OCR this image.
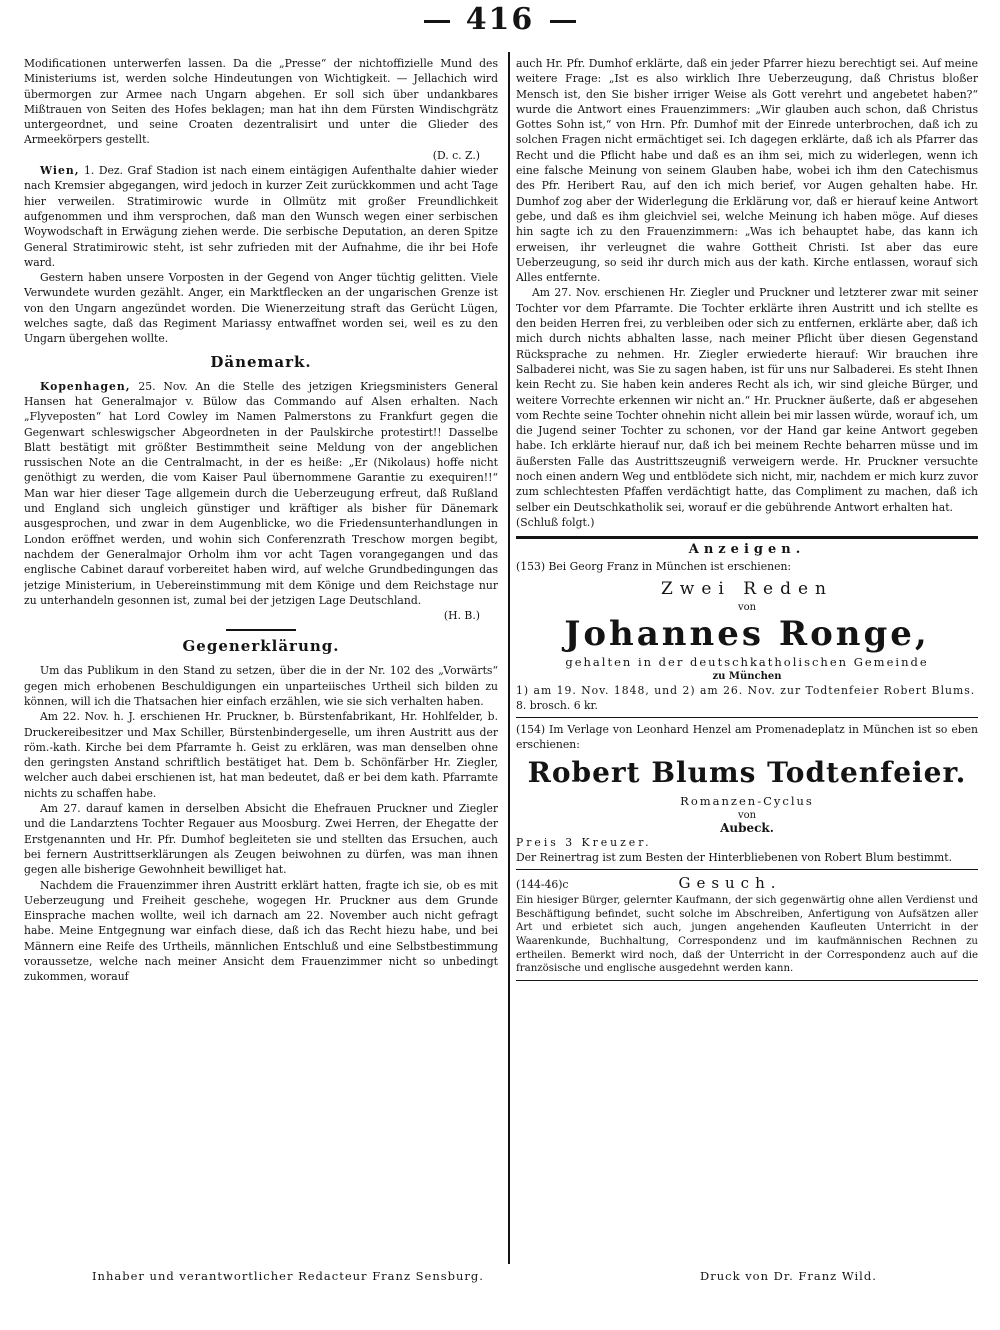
416

Modificationen unterwerfen lassen. Da die „Presse“ der nichtoffizielle Mund des Ministeriums ist, werden solche Hindeutungen von Wichtigkeit. — Jellachich wird übermorgen zur Armee nach Ungarn abgehen. Er soll sich über undankbares Mißtrauen von Seiten des Hofes beklagen; man hat ihn dem Fürsten Windischgrätz untergeordnet, und seine Croaten dezentralisirt und unter die Glieder des Armeekörpers gestellt.

(D. c. Z.)

Wien, 1. Dez. Graf Stadion ist nach einem eintägigen Aufenthalte dahier wieder nach Kremsier abgegangen, wird jedoch in kurzer Zeit zurückkommen und acht Tage hier verweilen. Stratimirowic wurde in Ollmütz mit großer Freundlichkeit aufgenommen und ihm versprochen, daß man den Wunsch wegen einer serbischen Woywodschaft in Erwägung ziehen werde. Die serbische Deputation, an deren Spitze General Stratimirowic steht, ist sehr zufrieden mit der Aufnahme, die ihr bei Hofe ward.

Gestern haben unsere Vorposten in der Gegend von Anger tüchtig gelitten. Viele Verwundete wurden gezählt. Anger, ein Marktflecken an der ungarischen Grenze ist von den Ungarn angezündet worden. Die Wienerzeitung straft das Gerücht Lügen, welches sagte, daß das Regiment Mariassy entwaffnet worden sei, weil es zu den Ungarn übergehen wollte.

Dänemark.

Kopenhagen, 25. Nov. An die Stelle des jetzigen Kriegsministers General Hansen hat Generalmajor v. Bülow das Commando auf Alsen erhalten. Nach „Flyveposten“ hat Lord Cowley im Namen Palmerstons zu Frankfurt gegen die Gegenwart schleswigscher Abgeordneten in der Paulskirche protestirt!! Dasselbe Blatt bestätigt mit größter Bestimmtheit seine Meldung von der angeblichen russischen Note an die Centralmacht, in der es heiße: „Er (Nikolaus) hoffe nicht genöthigt zu werden, die vom Kaiser Paul übernommene Garantie zu exequiren!!“ Man war hier dieser Tage allgemein durch die Ueberzeugung erfreut, daß Rußland und England sich ungleich günstiger und kräftiger als bisher für Dänemark ausgesprochen, und zwar in dem Augenblicke, wo die Friedensunterhandlungen in London eröffnet werden, und wohin sich Conferenzrath Treschow morgen begibt, nachdem der Generalmajor Orholm ihm vor acht Tagen vorangegangen und das englische Cabinet darauf vorbereitet haben wird, auf welche Grundbedingungen das jetzige Ministerium, in Uebereinstimmung mit dem Könige und dem Reichstage nur zu unterhandeln gesonnen ist, zumal bei der jetzigen Lage Deutschland.

(H. B.)

Gegenerklärung.

Um das Publikum in den Stand zu setzen, über die in der Nr. 102 des „Vorwärts“ gegen mich erhobenen Beschuldigungen ein unparteiisches Urtheil sich bilden zu können, will ich die Thatsachen hier einfach erzählen, wie sie sich verhalten haben.

Am 22. Nov. h. J. erschienen Hr. Pruckner, b. Bürstenfabrikant, Hr. Hohlfelder, b. Druckereibesitzer und Max Schiller, Bürstenbindergeselle, um ihren Austritt aus der röm.-kath. Kirche bei dem Pfarramte h. Geist zu erklären, was man denselben ohne den geringsten Anstand schriftlich bestätiget hat. Dem b. Schönfärber Hr. Ziegler, welcher auch dabei erschienen ist, hat man bedeutet, daß er bei dem kath. Pfarramte nichts zu schaffen habe.

Am 27. darauf kamen in derselben Absicht die Ehefrauen Pruckner und Ziegler und die Landarztens Tochter Regauer aus Moosburg. Zwei Herren, der Ehegatte der Erstgenannten und Hr. Pfr. Dumhof begleiteten sie und stellten das Ersuchen, auch bei fernern Austrittserklärungen als Zeugen beiwohnen zu dürfen, was man ihnen gegen alle bisherige Gewohnheit bewilliget hat.

Nachdem die Frauenzimmer ihren Austritt erklärt hatten, fragte ich sie, ob es mit Ueberzeugung und Freiheit geschehe, wogegen Hr. Pruckner aus dem Grunde Einsprache machen wollte, weil ich darnach am 22. November auch nicht gefragt habe. Meine Entgegnung war einfach diese, daß ich das Recht hiezu habe, und bei Männern eine Reife des Urtheils, männlichen Entschluß und eine Selbstbestimmung voraussetze, welche nach meiner Ansicht dem Frauenzimmer nicht so unbedingt zukommen, worauf

auch Hr. Pfr. Dumhof erklärte, daß ein jeder Pfarrer hiezu berechtigt sei. Auf meine weitere Frage: „Ist es also wirklich Ihre Ueberzeugung, daß Christus bloßer Mensch ist, den Sie bisher irriger Weise als Gott verehrt und angebetet haben?“ wurde die Antwort eines Frauenzimmers: „Wir glauben auch schon, daß Christus Gottes Sohn ist,“ von Hrn. Pfr. Dumhof mit der Einrede unterbrochen, daß ich zu solchen Fragen nicht ermächtiget sei. Ich dagegen erklärte, daß ich als Pfarrer das Recht und die Pflicht habe und daß es an ihm sei, mich zu widerlegen, wenn ich eine falsche Meinung von seinem Glauben habe, wobei ich ihm den Catechismus des Pfr. Heribert Rau, auf den ich mich berief, vor Augen gehalten habe. Hr. Dumhof zog aber der Widerlegung die Erklärung vor, daß er hierauf keine Antwort gebe, und daß es ihm gleichviel sei, welche Meinung ich haben möge. Auf dieses hin sagte ich zu den Frauenzimmern: „Was ich behauptet habe, das kann ich erweisen, ihr verleugnet die wahre Gottheit Christi. Ist aber das eure Ueberzeugung, so seid ihr durch mich aus der kath. Kirche entlassen, worauf sich Alles entfernte.

Am 27. Nov. erschienen Hr. Ziegler und Pruckner und letzterer zwar mit seiner Tochter vor dem Pfarramte. Die Tochter erklärte ihren Austritt und ich stellte es den beiden Herren frei, zu verbleiben oder sich zu entfernen, erklärte aber, daß ich mich durch nichts abhalten lasse, nach meiner Pflicht über diesen Gegenstand Rücksprache zu nehmen. Hr. Ziegler erwiederte hierauf: Wir brauchen ihre Salbaderei nicht, was Sie zu sagen haben, ist für uns nur Salbaderei. Es steht Ihnen kein Recht zu. Sie haben kein anderes Recht als ich, wir sind gleiche Bürger, und weitere Vorrechte erkennen wir nicht an.“ Hr. Pruckner äußerte, daß er abgesehen vom Rechte seine Tochter ohnehin nicht allein bei mir lassen würde, worauf ich, um die Jugend seiner Tochter zu schonen, vor der Hand gar keine Antwort gegeben habe. Ich erklärte hierauf nur, daß ich bei meinem Rechte beharren müsse und im äußersten Falle das Austrittszeugniß verweigern werde. Hr. Pruckner versuchte noch einen andern Weg und entblödete sich nicht, mir, nachdem er mich kurz zuvor zum schlechtesten Pfaffen verdächtigt hatte, das Compliment zu machen, daß ich selber ein Deutschkatholik sei, worauf er die gebührende Antwort erhalten hat.

(Schluß folgt.)

Anzeigen.

(153) Bei Georg Franz in München ist erschienen:

Zwei Reden
von
Johannes Ronge,
gehalten in der deutschkatholischen Gemeinde
zu München

1) am 19. Nov. 1848, und 2) am 26. Nov. zur Todtenfeier Robert Blums.

8. brosch. 6 kr.

(154) Im Verlage von Leonhard Henzel am Promenadeplatz in München ist so eben erschienen:

Robert Blums Todtenfeier.
Romanzen-Cyclus
von
Aubeck.

Preis 3 Kreuzer.

Der Reinertrag ist zum Besten der Hinterbliebenen von Robert Blum bestimmt.

(144-46)c	Gesuch.

Ein hiesiger Bürger, gelernter Kaufmann, der sich gegenwärtig ohne allen Verdienst und Beschäftigung befindet, sucht solche im Abschreiben, Anfertigung von Aufsätzen aller Art und erbietet sich auch, jungen angehenden Kaufleuten Unterricht in der Waarenkunde, Buchhaltung, Correspondenz und im kaufmännischen Rechnen zu ertheilen. Bemerkt wird noch, daß der Unterricht in der Correspondenz auch auf die französische und englische ausgedehnt werden kann.

Inhaber und verantwortlicher Redacteur Franz Sensburg.	Druck von Dr. Franz Wild.
